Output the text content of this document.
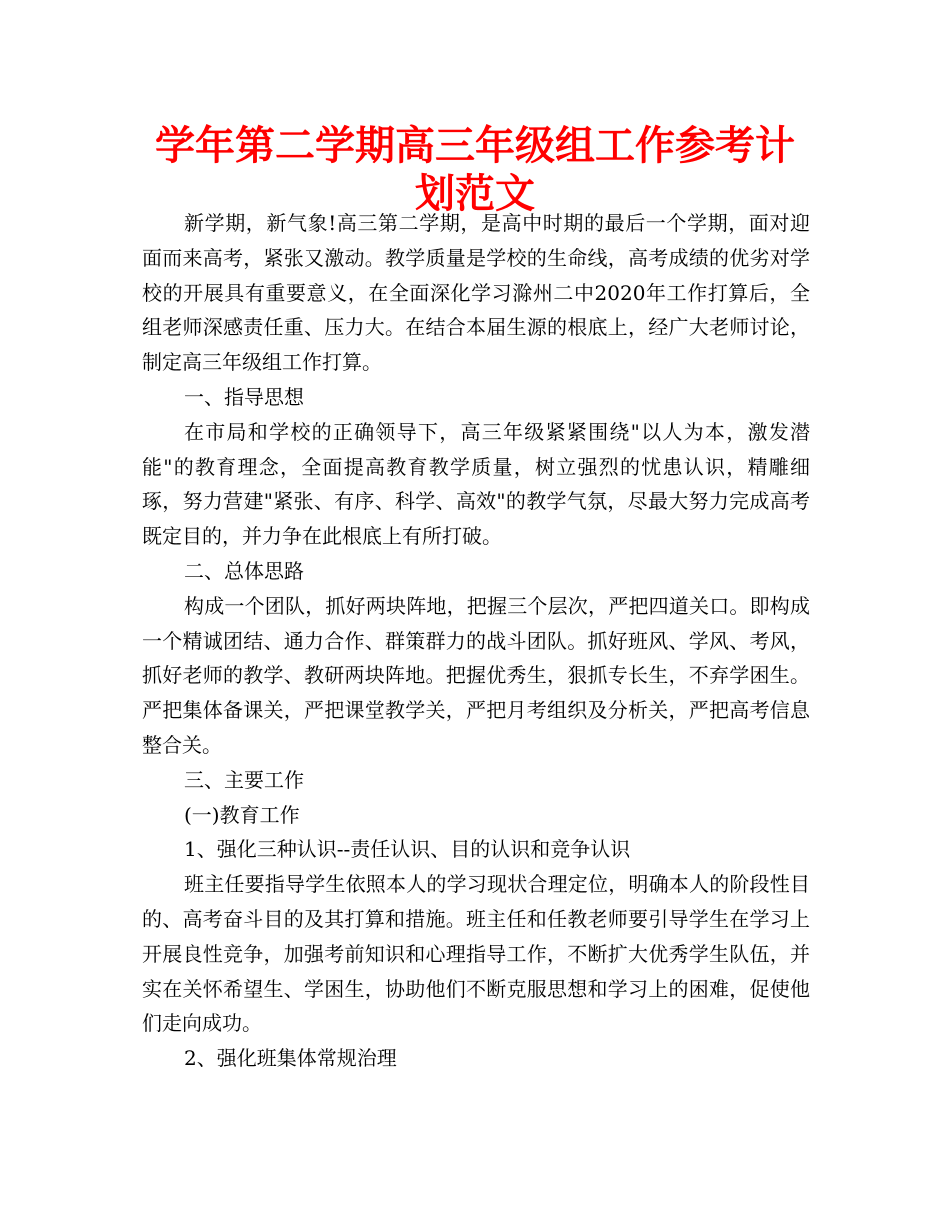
学年第二学期高三年级组工作参考计划范文

新学期，新气象!高三第二学期，是高中时期的最后一个学期，面对迎面而来高考，紧张又激动。教学质量是学校的生命线，高考成绩的优劣对学校的开展具有重要意义，在全面深化学习滁州二中2020年工作打算后，全组老师深感责任重、压力大。在结合本届生源的根底上，经广大老师讨论，制定高三年级组工作打算。

一、指导思想

在市局和学校的正确领导下，高三年级紧紧围绕"以人为本，激发潜能"的教育理念，全面提高教育教学质量，树立强烈的忧患认识，精雕细琢，努力营建"紧张、有序、科学、高效"的教学气氛，尽最大努力完成高考既定目的，并力争在此根底上有所打破。

二、总体思路

构成一个团队，抓好两块阵地，把握三个层次，严把四道关口。即构成一个精诚团结、通力合作、群策群力的战斗团队。抓好班风、学风、考风，抓好老师的教学、教研两块阵地。把握优秀生，狠抓专长生，不弃学困生。严把集体备课关，严把课堂教学关，严把月考组织及分析关，严把高考信息整合关。

三、主要工作

(一)教育工作

1、强化三种认识--责任认识、目的认识和竞争认识

班主任要指导学生依照本人的学习现状合理定位，明确本人的阶段性目的、高考奋斗目的及其打算和措施。班主任和任教老师要引导学生在学习上开展良性竞争，加强考前知识和心理指导工作，不断扩大优秀学生队伍，并实在关怀希望生、学困生，协助他们不断克服思想和学习上的困难，促使他们走向成功。

2、强化班集体常规治理
